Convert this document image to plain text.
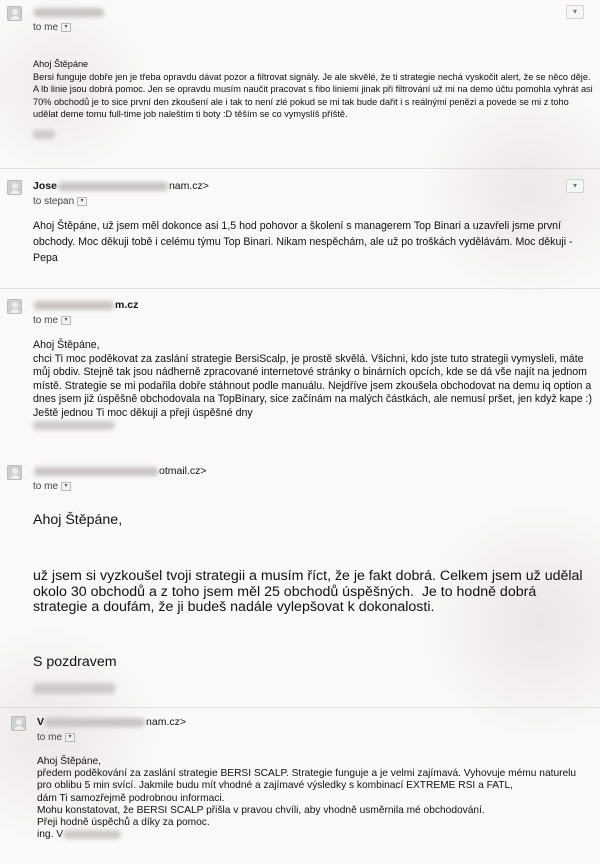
▾
to me ▾

Ahoj Štěpáne

Bersi funguje dobře jen je třeba opravdu dávat pozor a filtrovat signály. Je ale skvělé, že ti strategie nechá vyskočit alert, že se něco děje. A lb linie jsou dobrá pomoc. Jen se opravdu musím naučit pracovat s fibo liniemi jinak při filtrování už mi na demo účtu pomohla vyhrát asi 70% obchodů je to sice první den zkoušení ale i tak to není zlé pokud se mi tak bude dařit i s reálnými penězi a povede se mi z toho udělat deme tomu full-time job naleštím ti boty :D těším se co vymyslíš příště.

Jose	nam.cz>	▾
to stepan ▾

Ahoj Štěpáne, už jsem měl dokonce asi 1,5 hod pohovor a školení s managerem Top Binari a uzavřeli jsme první obchody. Moc děkuji tobě i celému týmu Top Binari. Nikam nespěchám, ale už po troškách vydělávám. Moc děkuji - Pepa

m.cz
to me ▾

Ahoj Štěpáne,

chci Ti moc poděkovat za zaslání strategie BersiScalp, je prostě skvělá. Všichni, kdo jste tuto strategii vymysleli, máte můj obdiv. Stejně tak jsou nádherně zpracované internetové stránky o binárních opcích, kde se dá vše najít na jednom místě. Strategie se mi podařila dobře stáhnout podle manuálu. Nejdříve jsem zkoušela obchodovat na demu iq option a dnes jsem již úspěšně obchodovala na TopBinary, sice začínám na malých částkách, ale nemusí pršet, jen když kape :)

Ještě jednou Ti moc děkuji a přeji úspěšné dny

otmail.cz>
to me ▾

Ahoj Štěpáne,

už jsem si vyzkoušel tvoji strategii a musím říct, že je fakt dobrá. Celkem jsem už udělal okolo 30 obchodů a z toho jsem měl 25 obchodů úspěšných.  Je to hodně dobrá strategie a doufám, že ji budeš nadále vylepšovat k dokonalosti.

S pozdravem

V	nam.cz>
to me ▾

Ahoj Štěpáne,

předem poděkování za zaslání strategie BERSI SCALP. Strategie funguje a je velmi zajímavá. Vyhovuje mému naturelu pro oblibu 5 min svící. Jakmile budu mít vhodné a zajímavé výsledky s kombinací EXTREME RSI a FATL,

dám Ti samozřejmě podrobnou informaci.

Mohu konstatovat, že BERSI SCALP přišla v pravou chvíli, aby vhodně usměrnila mé obchodování.

Přeji hodně úspěchů a díky za pomoc.

ing. V
